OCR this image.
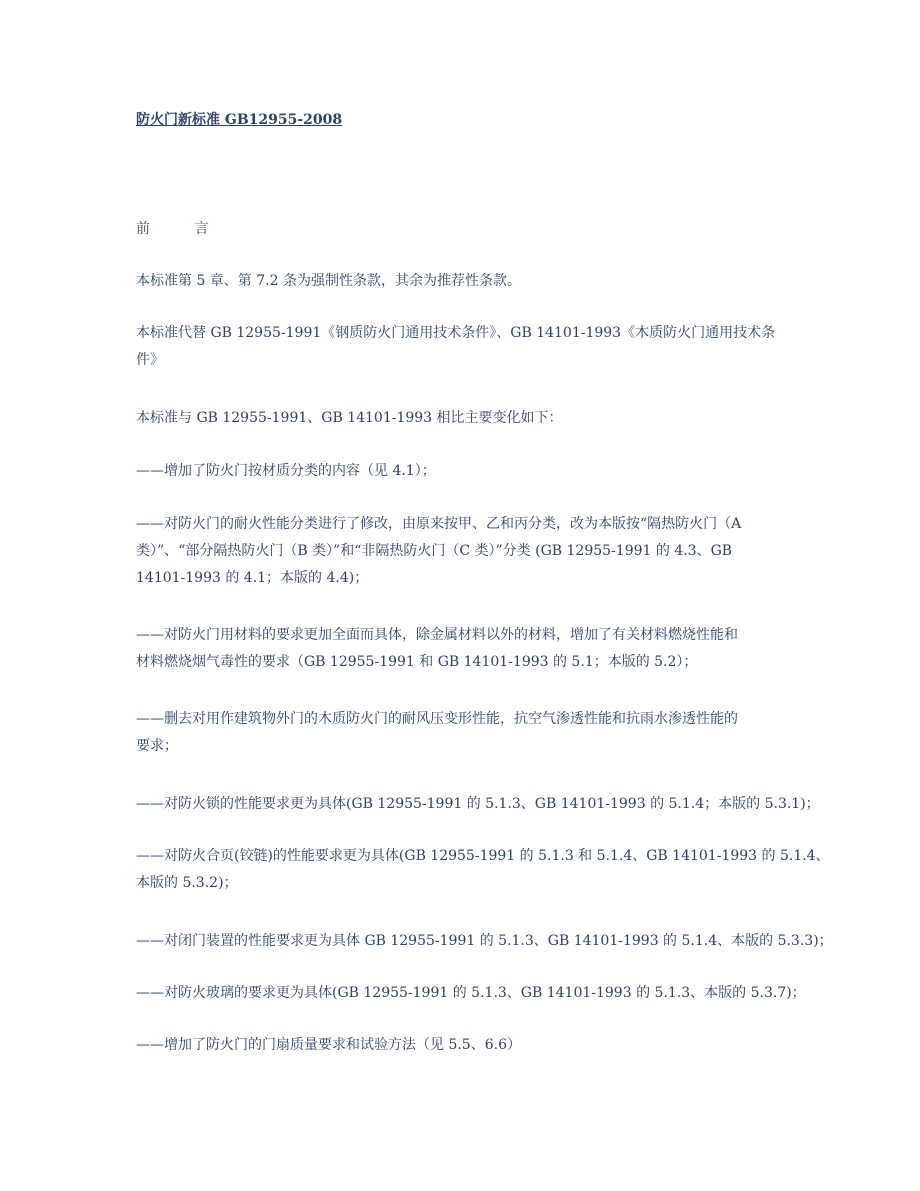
防火门新标准 GB12955-2008
前        言
本标准第 5 章、第 7.2 条为强制性条款，其余为推荐性条款。
本标准代替 GB 12955-1991《钢质防火门通用技术条件》、GB 14101-1993《木质防火门通用技术条
件》
本标准与 GB 12955-1991、GB 14101-1993 相比主要变化如下：
——增加了防火门按材质分类的内容（见 4.1）；
——对防火门的耐火性能分类进行了修改，由原来按甲、乙和丙分类，改为本版按“隔热防火门（A
类）”、“部分隔热防火门（B 类）”和“非隔热防火门（C 类）”分类 (GB 12955-1991 的 4.3、GB
14101-1993 的 4.1；本版的 4.4)；
——对防火门用材料的要求更加全面而具体，除金属材料以外的材料，增加了有关材料燃烧性能和
材料燃烧烟气毒性的要求（GB 12955-1991 和 GB 14101-1993 的 5.1；本版的 5.2）；
——删去对用作建筑物外门的木质防火门的耐风压变形性能，抗空气渗透性能和抗雨水渗透性能的
要求；
——对防火锁的性能要求更为具体(GB 12955-1991 的 5.1.3、GB 14101-1993 的 5.1.4；本版的 5.3.1)；
——对防火合页(铰链)的性能要求更为具体(GB 12955-1991 的 5.1.3 和 5.1.4、GB 14101-1993 的 5.1.4、
本版的 5.3.2)；
——对闭门装置的性能要求更为具体 GB 12955-1991 的 5.1.3、GB 14101-1993 的 5.1.4、本版的 5.3.3)；
——对防火玻璃的要求更为具体(GB 12955-1991 的 5.1.3、GB 14101-1993 的 5.1.3、本版的 5.3.7)；
——增加了防火门的门扇质量要求和试验方法（见 5.5、6.6）
